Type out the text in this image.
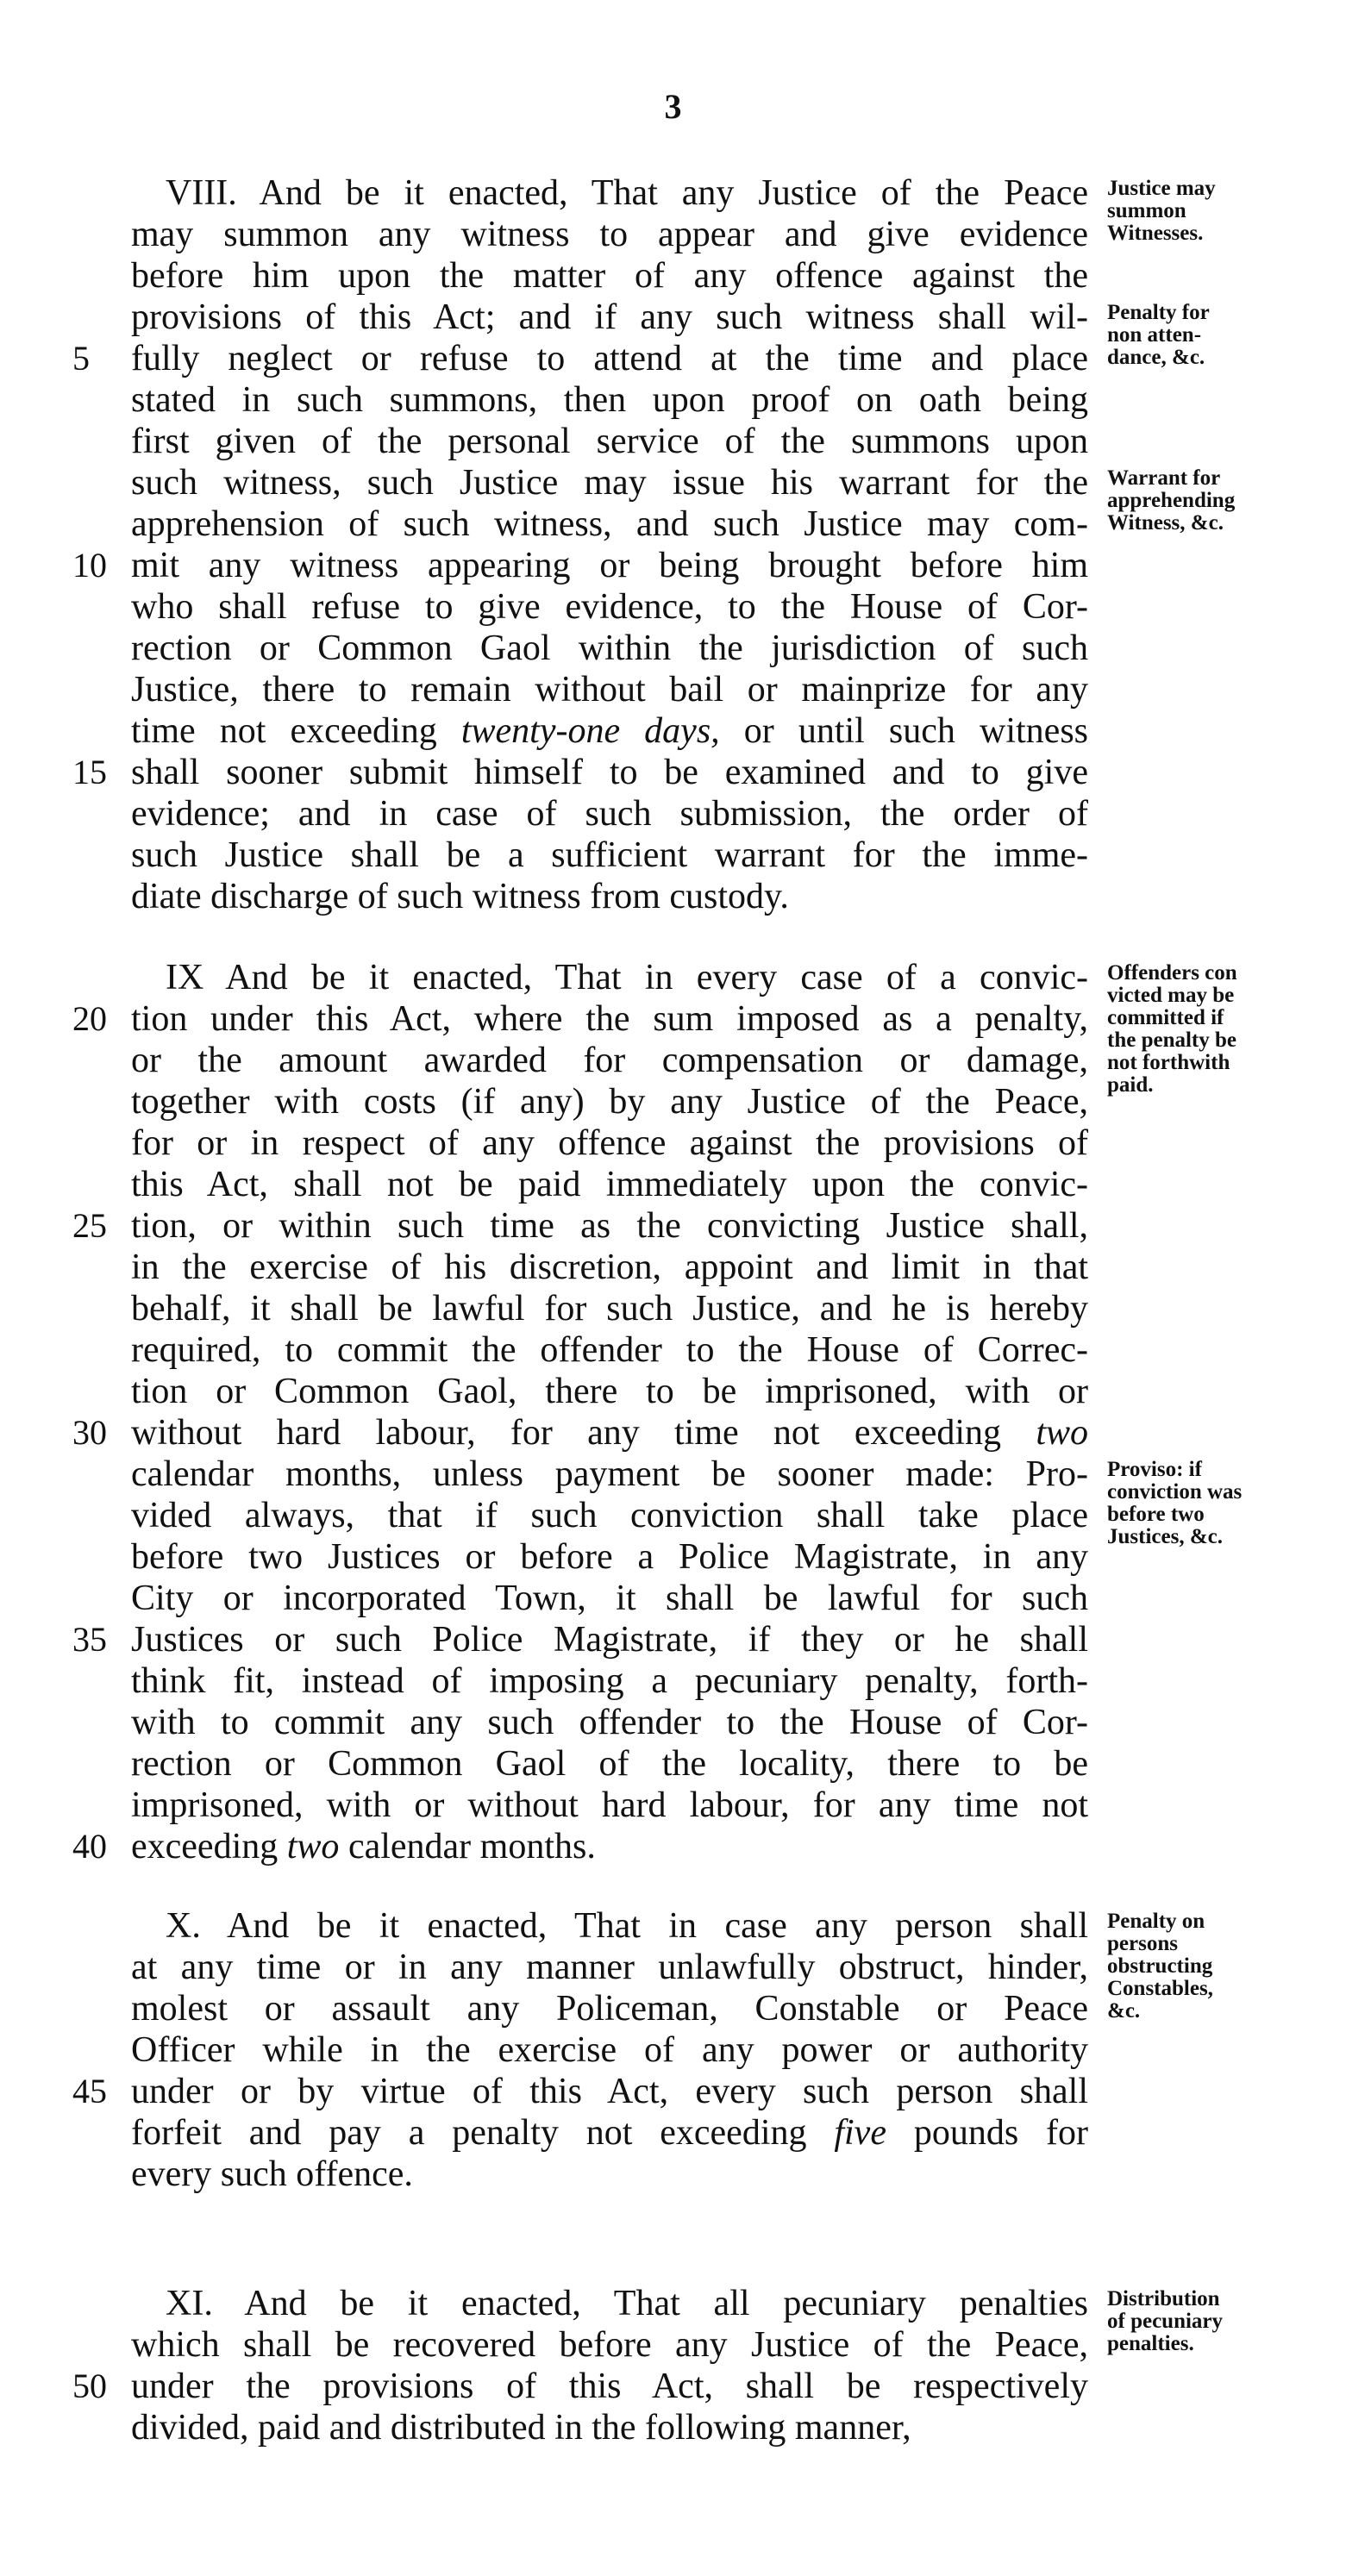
3
VIII. And be it enacted, That any Justice of the Peace
may summon any witness to appear and give evidence
before him upon the matter of any offence against the
provisions of this Act; and if any such witness shall wil-
5	fully neglect or refuse to attend at the time and place
stated in such summons, then upon proof on oath being
first given of the personal service of the summons upon
such witness, such Justice may issue his warrant for the
apprehension of such witness, and such Justice may com-
10 mit any witness appearing or being brought before him
who shall refuse to give evidence, to the House of Cor-
rection or Common Gaol within the jurisdiction of such
Justice, there to remain without bail or mainprize for any
time not exceeding twenty-one days, or until such witness
15 shall sooner submit himself to be examined and to give
evidence; and in case of such submission, the order of
such Justice shall be a sufficient warrant for the imme-
diate discharge of such witness from custody.
Justice may
summon
Witnesses.
Penalty for
non atten-
dance, &c.
Warrant for
apprehending
Witness, &c.
IX And be it enacted, That in every case of a convic-
20 tion under this Act, where the sum imposed as a penalty,
or the amount awarded for compensation or damage,
together with costs (if any) by any Justice of the Peace,
for or in respect of any offence against the provisions of
this Act, shall not be paid immediately upon the convic-
25 tion, or within such time as the convicting Justice shall,
in the exercise of his discretion, appoint and limit in that
behalf, it shall be lawful for such Justice, and he is hereby
required, to commit the offender to the House of Correc-
tion or Common Gaol, there to be imprisoned, with or
30 without hard labour, for any time not exceeding two
calendar months, unless payment be sooner made: Pro-
vided always, that if such conviction shall take place
before two Justices or before a Police Magistrate, in any
City or incorporated Town, it shall be lawful for such
35 Justices or such Police Magistrate, if they or he shall
think fit, instead of imposing a pecuniary penalty, forth-
with to commit any such offender to the House of Cor-
rection or Common Gaol of the locality, there to be
imprisoned, with or without hard labour, for any time not
40 exceeding two calendar months.
Offenders con
victed may be
committed if
the penalty be
not forthwith
paid.
Proviso: if
conviction was
before two
Justices, &c.
X. And be it enacted, That in case any person shall
at any time or in any manner unlawfully obstruct, hinder,
molest or assault any Policeman, Constable or Peace
Officer while in the exercise of any power or authority
45 under or by virtue of this Act, every such person shall
forfeit and pay a penalty not exceeding five pounds for
every such offence.
Penalty on
persons
obstructing
Constables,
&c.
XI. And be it enacted, That all pecuniary penalties
which shall be recovered before any Justice of the Peace,
50 under the provisions of this Act, shall be respectively
divided, paid and distributed in the following manner,
Distribution
of pecuniary
penalties.
